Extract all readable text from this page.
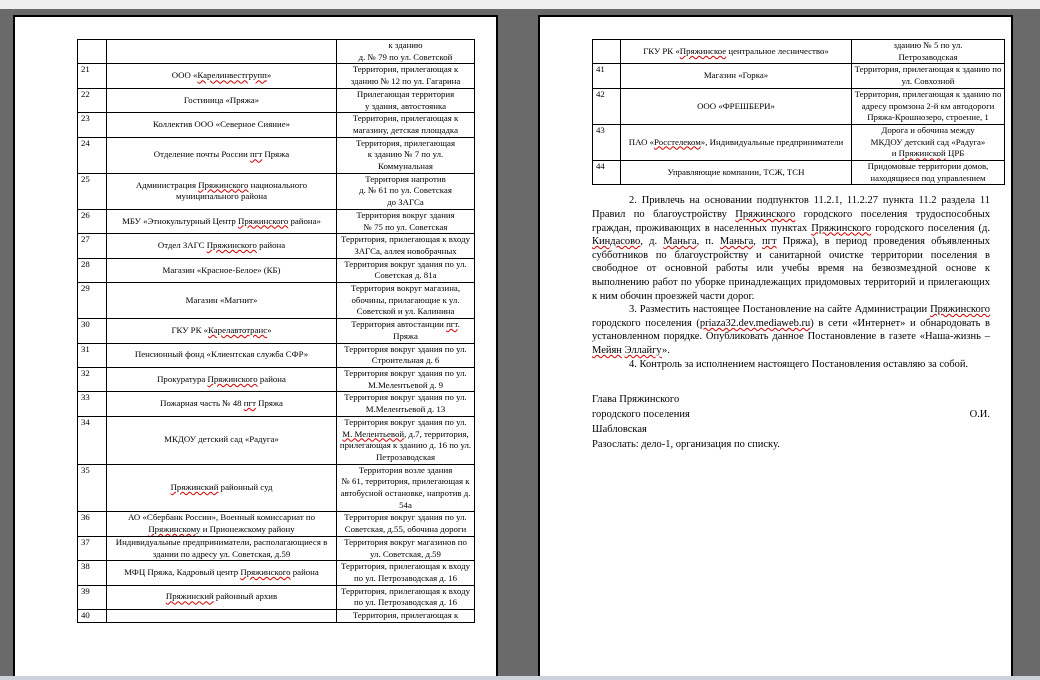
		к зданию
д. № 79 по ул. Советской
21	ООО «Карелинвестгрупп»	Территория, прилегающая к зданию № 12 по ул. Гагарина
22	Гостиница «Пряжа»	Прилегающая территория
у здания, автостоянка
23	Коллектив ООО «Северное Сияние»	Территория, прилегающая к магазину, детская площадка
24	Отделение почты России пгт Пряжа	Территория, прилегающая
к зданию № 7 по ул.
Коммунальная
25	Администрация Пряжинского национального муниципального района	Территория напротив
д. № 61 по ул. Советская
до ЗАГСа
26	МБУ «Этнокультурный Центр Пряжинского района»	Территория вокруг здания
№ 75 по ул. Советская
27	Отдел ЗАГС Пряжинского района	Территория, прилегающая к входу ЗАГСа, аллея новобрачных
28	Магазин «Красное-Белое» (КБ)	Территория вокруг здания по ул. Советская д. 81а
29	Магазин «Магнит»	Территория вокруг магазина, обочины, прилагающие к ул. Советской и ул. Калинина
30	ГКУ РК «Карелавтотранс»	Территория автостанции пгт. Пряжа
31	Пенсионный фонд «Клиентская служба СФР»	Территория вокруг здания по ул. Строительная д. 6
32	Прокуратура Пряжинского района	Территория вокруг здания по ул. М.Мелентьевой д. 9
33	Пожарная часть № 48 пгт Пряжа	Территория вокруг здания по ул. М.Мелентьевой д. 13
34	МКДОУ детский сад «Радуга»	Территория вокруг здания по ул. М. Мелентьевой, д.7, территория, прилегающая к зданию д. 16 по ул. Петрозаводская
35	Пряжинский районный суд	Территория возле здания
№ 61, территория, прилегающая к автобусной остановке, напротив д. 54а
36	АО «Сбербанк России», Военный комиссариат по Пряжинскому и Прионежскому району	Территория вокруг здания по ул. Советская, д.55, обочина дороги
37	Индивидуальные предприниматели, располагающиеся в здании по адресу ул. Советская, д.59	Территория вокруг магазинов по ул. Советская, д.59
38	МФЦ Пряжа, Кадровый центр Пряжинского района	Территория, прилегающая к входу по ул. Петрозаводская д. 16
39	Пряжинский районный архив	Территория, прилегающая к входу по ул. Петрозаводская д. 16
40		Территория, прилегающая к
	ГКУ РК «Пряжинское центральное лесничество»	зданию № 5 по ул.
Петрозаводская
41	Магазин «Горка»	Территория, прилегающая к зданию по ул. Совхозной
42	ООО «ФРЕШБЕРИ»	Территория, прилегающая к зданию по адресу промзона 2-й км автодороги Пряжа-Крошнозеро, строение, 1
43	ПАО «Росстелеком», Индивидуальные предприниматели	Дорога и обочина между
МКДОУ детский сад «Радуга»
и Пряжинской ЦРБ
44	Управляющие компании, ТСЖ, ТСН	Придомовые территории домов, находящиеся под управлением

2. Привлечь на основании подпунктов 11.2.1, 11.2.27 пункта 11.2 раздела 11 Правил по благоустройству Пряжинского городского поселения трудоспособных граждан, проживающих в населенных пунктах Пряжинского городского поселения (д. Киндасово, д. Маньга, п. Маньга, пгт Пряжа), в период проведения объявленных субботников по благоустройству и санитарной очистке территории поселения в свободное от основной работы или учебы время на безвозмездной основе к выполнению работ по уборке принадлежащих придомовых территорий и прилегающих к ним обочин проезжей части дорог.

3. Разместить настоящее Постановление на сайте Администрации Пряжинского городского поселения (priaza32.dev.mediaweb.ru) в сети «Интернет» и обнародовать в установленном порядке. Опубликовать данное Постановление в газете «Наша-жизнь – Мейян Эллайгу».

4. Контроль за исполнением настоящего Постановления оставляю за собой.

Глава Пряжинского
городского поселения	О.И.
Шабловская
Разослать: дело-1, организация по списку.
